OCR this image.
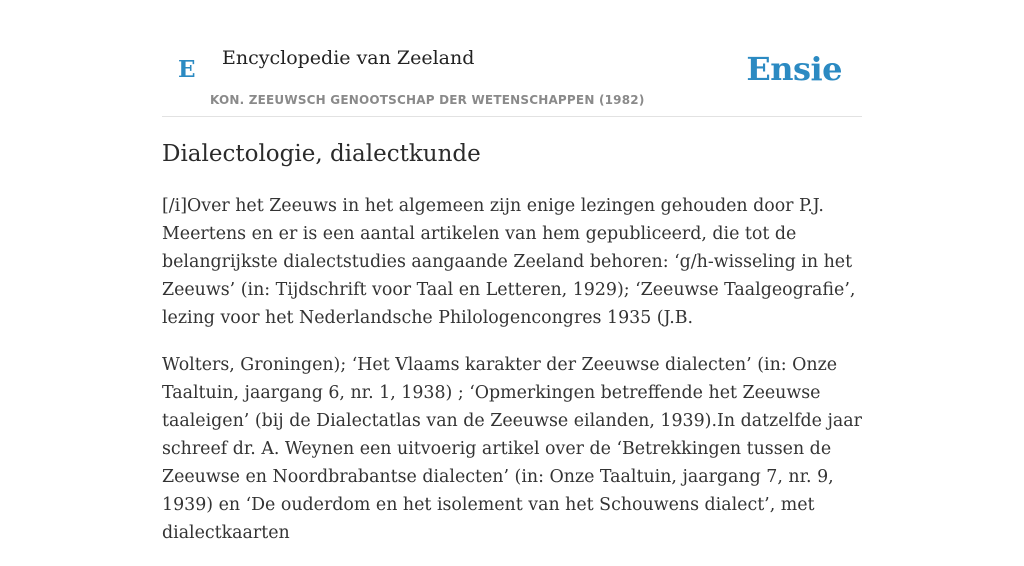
E Encyclopedie van Zeeland
KON. ZEEUWSCH GENOOTSCHAP DER WETENSCHAPPEN (1982)
Ensie
Dialectologie, dialectkunde

[/i]Over het Zeeuws in het algemeen zijn enige lezingen gehouden door P.J. Meertens en er is een aantal artikelen van hem gepubliceerd, die tot de belangrijkste dialectstudies aangaande Zeeland behoren: ‘g/h-wisseling in het Zeeuws’ (in: Tijdschrift voor Taal en Letteren, 1929); ‘Zeeuwse Taalgeografie’, lezing voor het Nederlandsche Philologencongres 1935 (J.B.

Wolters, Groningen); ‘Het Vlaams karakter der Zeeuwse dialecten’ (in: Onze Taaltuin, jaargang 6, nr. 1, 1938) ; ‘Opmerkingen betreffende het Zeeuwse taaleigen’ (bij de Dialectatlas van de Zeeuwse eilanden, 1939).In datzelfde jaar schreef dr. A. Weynen een uitvoerig artikel over de ‘Betrekkingen tussen de Zeeuwse en Noordbrabantse dialecten’ (in: Onze Taaltuin, jaargang 7, nr. 9, 1939) en ‘De ouderdom en het isolement van het Schouwens dialect’, met dialectkaarten
